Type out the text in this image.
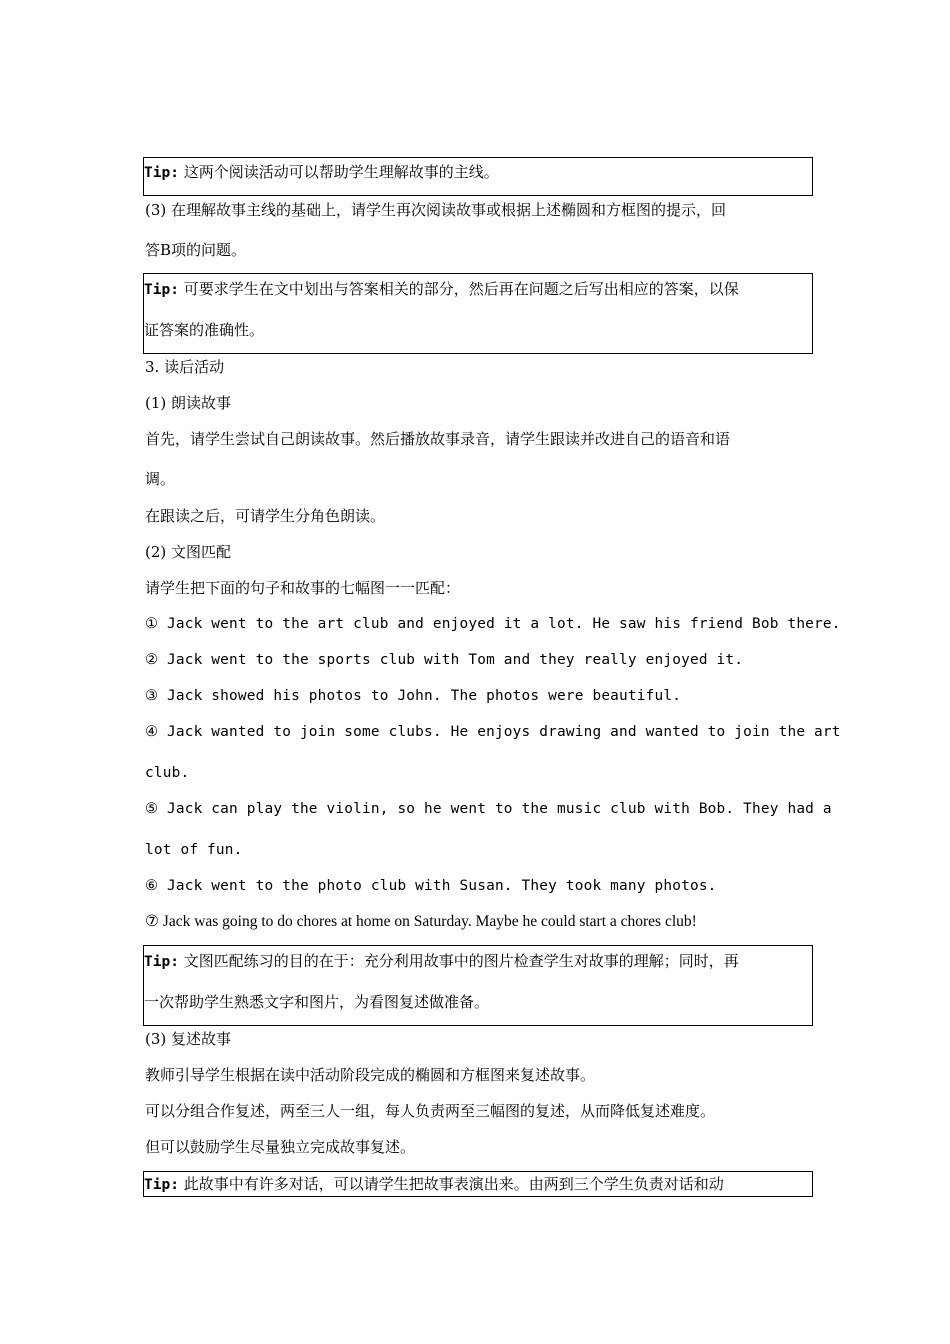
Tip: 这两个阅读活动可以帮助学生理解故事的主线。
(3) 在理解故事主线的基础上，请学生再次阅读故事或根据上述椭圆和方框图的提示，回
答B项的问题。
Tip: 可要求学生在文中划出与答案相关的部分，然后再在问题之后写出相应的答案，以保
证答案的准确性。
3. 读后活动
(1) 朗读故事
首先，请学生尝试自己朗读故事。然后播放故事录音，请学生跟读并改进自己的语音和语
调。
在跟读之后，可请学生分角色朗读。
(2) 文图匹配
请学生把下面的句子和故事的七幅图一一匹配：
① Jack went to the art club and enjoyed it a lot. He saw his friend Bob there.
② Jack went to the sports club with Tom and they really enjoyed it.
③ Jack showed his photos to John. The photos were beautiful.
④ Jack wanted to join some clubs. He enjoys drawing and wanted to join the art
club.
⑤ Jack can play the violin, so he went to the music club with Bob. They had a
lot of fun.
⑥ Jack went to the photo club with Susan. They took many photos.
⑦ Jack was going to do chores at home on Saturday. Maybe he could start a chores club!
Tip: 文图匹配练习的目的在于：充分利用故事中的图片检查学生对故事的理解；同时，再
一次帮助学生熟悉文字和图片，为看图复述做准备。
(3) 复述故事
教师引导学生根据在读中活动阶段完成的椭圆和方框图来复述故事。
可以分组合作复述，两至三人一组，每人负责两至三幅图的复述，从而降低复述难度。
但可以鼓励学生尽量独立完成故事复述。
Tip: 此故事中有许多对话，可以请学生把故事表演出来。由两到三个学生负责对话和动
